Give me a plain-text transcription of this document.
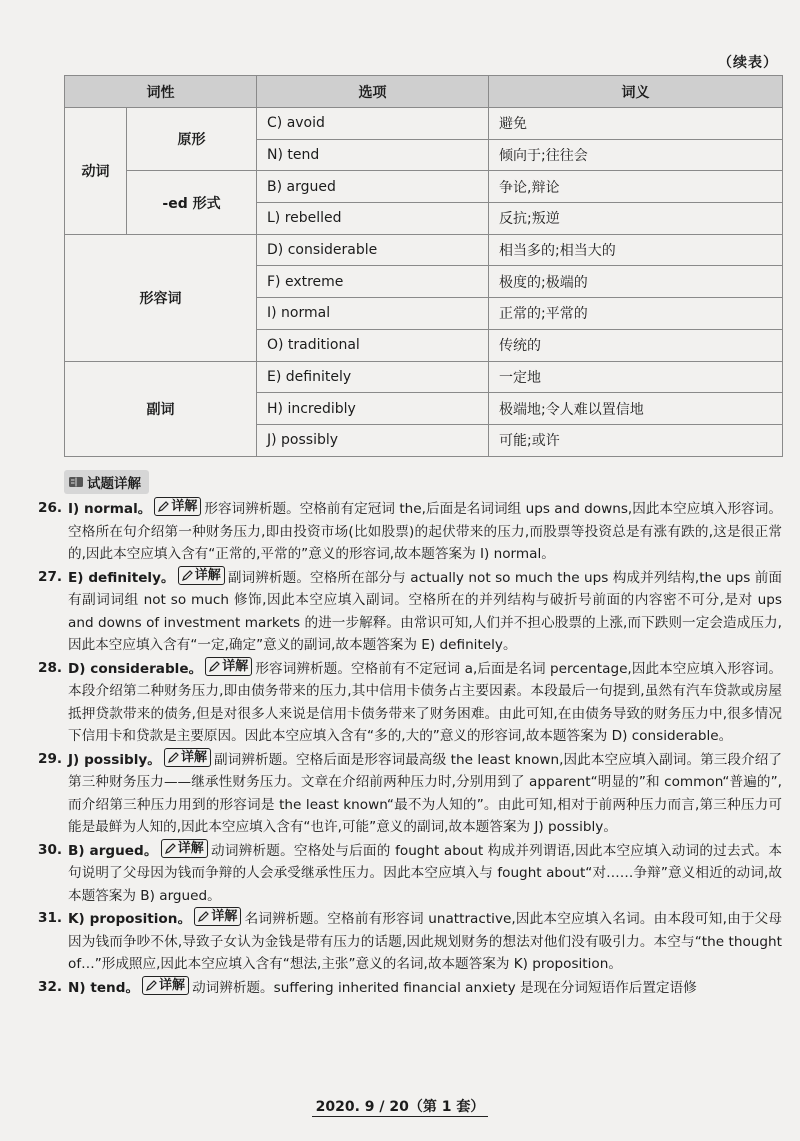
（续表）
词性		选项	词义
动词	原形	C) avoid	避免
		N) tend	倾向于;往往会
	-ed 形式	B) argued	争论,辩论
		L) rebelled	反抗;叛逆
形容词		D) considerable	相当多的;相当大的
		F) extreme	极度的;极端的
		I) normal	正常的;平常的
		O) traditional	传统的
副词		E) definitely	一定地
		H) incredibly	极端地;令人难以置信地
		J) possibly	可能;或许
试题详解
26. I) normal。 详解 形容词辨析题。空格前有定冠词 the,后面是名词词组 ups and downs,因此本空应填入形容词。空格所在句介绍第一种财务压力,即由投资市场(比如股票)的起伏带来的压力,而股票等投资总是有涨有跌的,这是很正常的,因此本空应填入含有“正常的,平常的”意义的形容词,故本题答案为 I) normal。
27. E) definitely。 详解 副词辨析题。空格所在部分与 actually not so much the ups 构成并列结构,the ups 前面有副词词组 not so much 修饰,因此本空应填入副词。空格所在的并列结构与破折号前面的内容密不可分,是对 ups and downs of investment markets 的进一步解释。由常识可知,人们并不担心股票的上涨,而下跌则一定会造成压力,因此本空应填入含有“一定,确定”意义的副词,故本题答案为 E) definitely。
28. D) considerable。 详解 形容词辨析题。空格前有不定冠词 a,后面是名词 percentage,因此本空应填入形容词。本段介绍第二种财务压力,即由债务带来的压力,其中信用卡债务占主要因素。本段最后一句提到,虽然有汽车贷款或房屋抵押贷款带来的债务,但是对很多人来说是信用卡债务带来了财务困难。由此可知,在由债务导致的财务压力中,很多情况下信用卡和贷款是主要原因。因此本空应填入含有“多的,大的”意义的形容词,故本题答案为 D) considerable。
29. J) possibly。 详解 副词辨析题。空格后面是形容词最高级 the least known,因此本空应填入副词。第三段介绍了第三种财务压力——继承性财务压力。文章在介绍前两种压力时,分别用到了 apparent“明显的”和 common“普遍的”,而介绍第三种压力用到的形容词是 the least known“最不为人知的”。由此可知,相对于前两种压力而言,第三种压力可能是最鲜为人知的,因此本空应填入含有“也许,可能”意义的副词,故本题答案为 J) possibly。
30. B) argued。 详解 动词辨析题。空格处与后面的 fought about 构成并列谓语,因此本空应填入动词的过去式。本句说明了父母因为钱而争辩的人会承受继承性压力。因此本空应填入与 fought about“对……争辩”意义相近的动词,故本题答案为 B) argued。
31. K) proposition。 详解 名词辨析题。空格前有形容词 unattractive,因此本空应填入名词。由本段可知,由于父母因为钱而争吵不休,导致子女认为金钱是带有压力的话题,因此规划财务的想法对他们没有吸引力。本空与“the thought of…”形成照应,因此本空应填入含有“想法,主张”意义的名词,故本题答案为 K) proposition。
32. N) tend。 详解 动词辨析题。suffering inherited financial anxiety 是现在分词短语作后置定语修
2020. 9 / 20（第 1 套）
